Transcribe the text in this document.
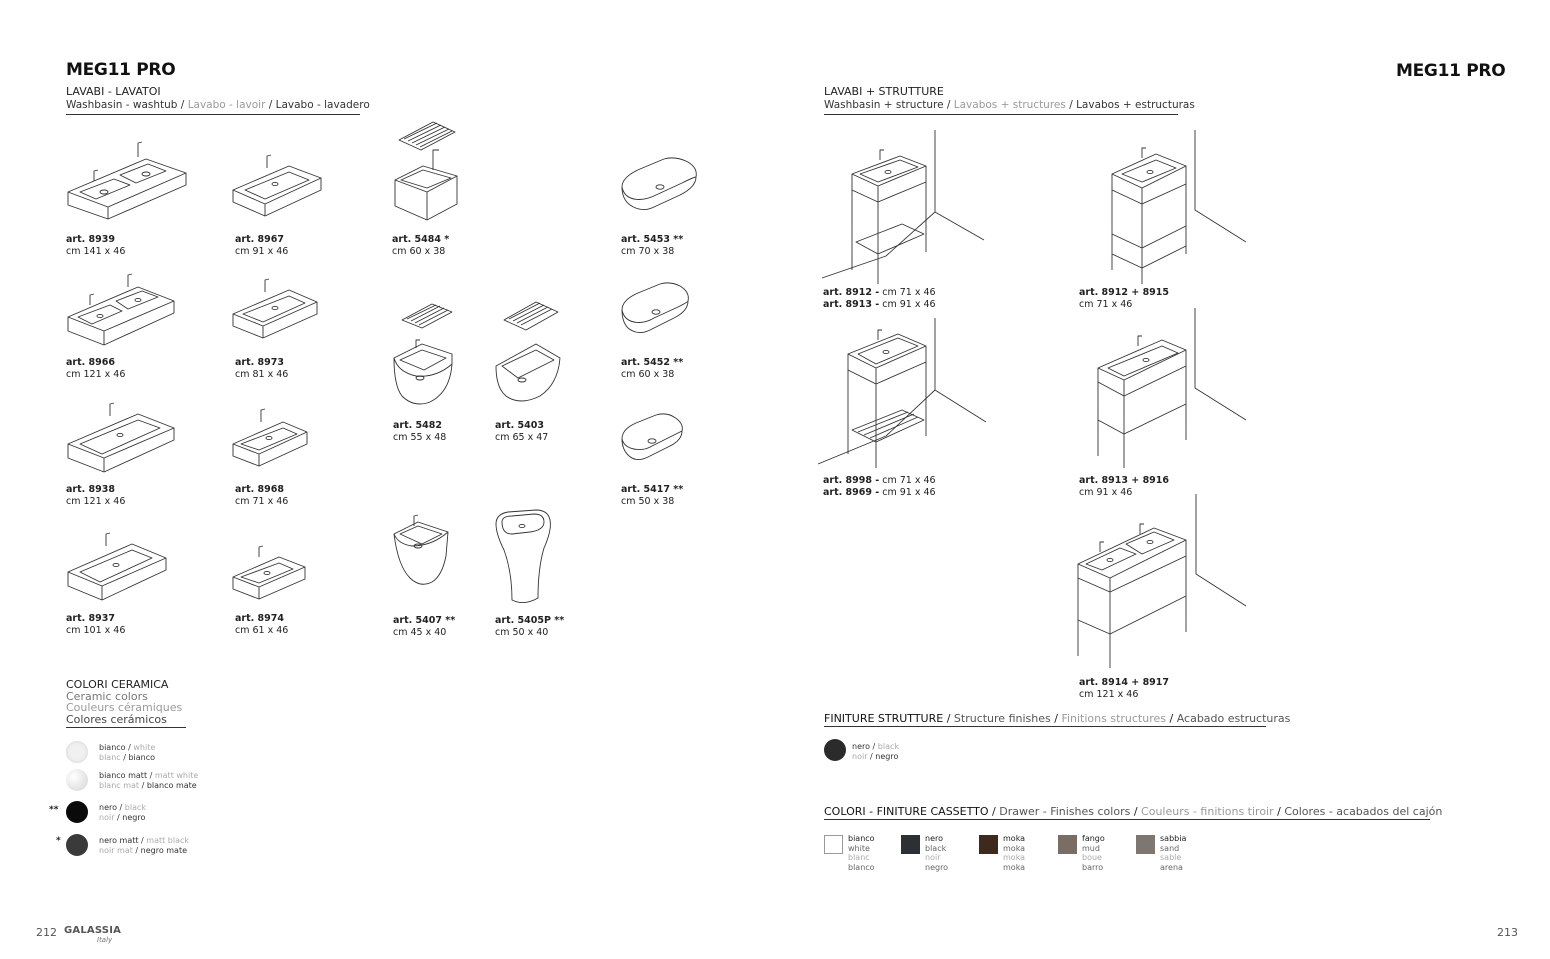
MEG11 PRO
LAVABI - LAVATOI
Washbasin - washtub / Lavabo - lavoir / Lavabo - lavadero
art. 8939
cm 141 x 46
art. 8967
cm 91 x 46
art. 5484 *
cm 60 x 38
art. 5453 **
cm 70 x 38
art. 8966
cm 121 x 46
art. 8973
cm 81 x 46
art. 5452 **
cm 60 x 38
art. 5482
cm 55 x 48
art. 5403
cm 65 x 47
art. 8938
cm 121 x 46
art. 8968
cm 71 x 46
art. 5417 **
cm 50 x 38
art. 8937
cm 101 x 46
art. 8974
cm 61 x 46
art. 5407 **
cm 45 x 40
art. 5405P **
cm 50 x 40
COLORI CERAMICA
Ceramic colors
Couleurs céramiques
Colores cerámicos
bianco / white
blanc / bianco
bianco matt / matt white
blanc mat / blanco mate
**	nero / black
noir / negro
*	nero matt / matt black
noir mat / negro mate
212 GALASSIA
Italy
MEG11 PRO
LAVABI + STRUTTURE
Washbasin + structure / Lavabos + structures / Lavabos + estructuras
art. 8912 - cm 71 x 46
art. 8913 - cm 91 x 46
art. 8912 + 8915
cm 71 x 46
art. 8998 - cm 71 x 46
art. 8969 - cm 91 x 46
art. 8913 + 8916
cm 91 x 46
art. 8914 + 8917
cm 121 x 46
FINITURE STRUTTURE / Structure finishes / Finitions structures / Acabado estructuras
nero / black
noir / negro
COLORI - FINITURE CASSETTO / Drawer - Finishes colors / Couleurs - finitions tiroir / Colores - acabados del cajón
bianco
white
blanc
blanco
nero
black
noir
negro
moka
moka
moka
moka
fango
mud
boue
barro
sabbia
sand
sable
arena
213
